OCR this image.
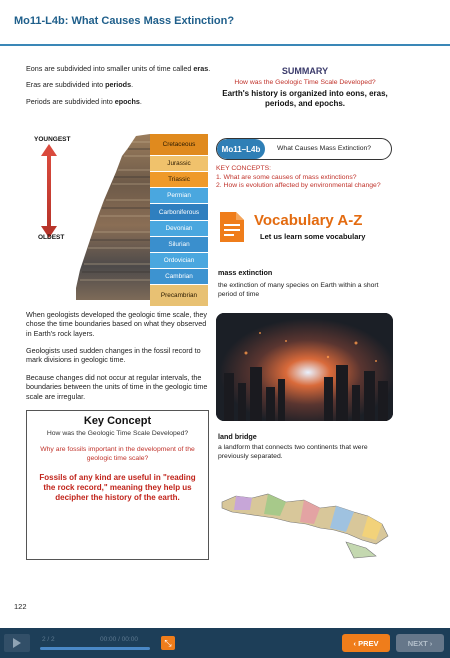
Mo11-L4b: What Causes Mass Extinction?

Eons are subdivided into smaller units of time called eras.

Eras are subdivided into periods.

Periods are subdivided into epochs.

YOUNGEST
OLDEST
Cretaceous
Jurassic
Triassic
Permian
Carboniferous
Devonian
Silurian
Ordovician
Cambrian
Precambrian

When geologists developed the geologic time scale, they chose the time boundaries based on what they observed in Earth's rock layers.

Geologists used sudden changes in the fossil record to mark divisions in geologic time.

Because changes did not occur at regular intervals, the boundaries between the units of time in the geologic time scale are irregular.

Key Concept
How was the Geologic Time Scale Developed?
Why are fossils important in the development of the geologic time scale?
Fossils of any kind are useful in "reading the rock record," meaning they help us decipher the history of the earth.
122
SUMMARY
How was the Geologic Time Scale Developed?
Earth's history is organized into eons, eras, periods, and epochs.
Mo11–L4b	What Causes Mass Extinction?
KEY CONCEPTS:
1. What are some causes of mass extinctions?
2. How is evolution affected by environmental change?
Vocabulary A-Z
Let us learn some vocabulary
mass extinction
the extinction of many species on Earth within a short period of time
land bridge
a landform that connects two continents that were previously separated.
2 / 2	00:00 / 00:00	⤡	‹ PREV	NEXT ›
